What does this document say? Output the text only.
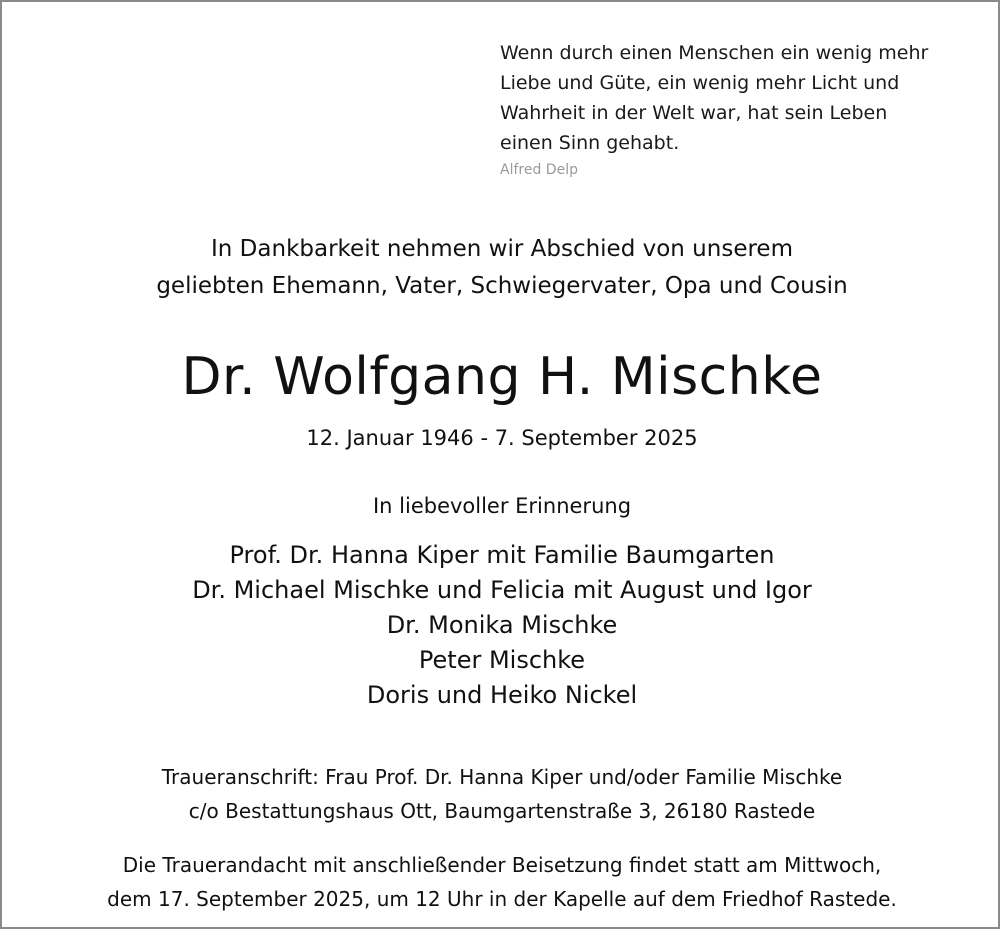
Wenn durch einen Menschen ein wenig mehr
Liebe und Güte, ein wenig mehr Licht und
Wahrheit in der Welt war, hat sein Leben
einen Sinn gehabt.
Alfred Delp
In Dankbarkeit nehmen wir Abschied von unserem
geliebten Ehemann, Vater, Schwiegervater, Opa und Cousin
Dr. Wolfgang H. Mischke
12. Januar 1946 - 7. September 2025
In liebevoller Erinnerung
Prof. Dr. Hanna Kiper mit Familie Baumgarten
Dr. Michael Mischke und Felicia mit August und Igor
Dr. Monika Mischke
Peter Mischke
Doris und Heiko Nickel
Traueranschrift: Frau Prof. Dr. Hanna Kiper und/oder Familie Mischke
c/o Bestattungshaus Ott, Baumgartenstraße 3, 26180 Rastede
Die Trauerandacht mit anschließender Beisetzung findet statt am Mittwoch,
dem 17. September 2025, um 12 Uhr in der Kapelle auf dem Friedhof Rastede.
